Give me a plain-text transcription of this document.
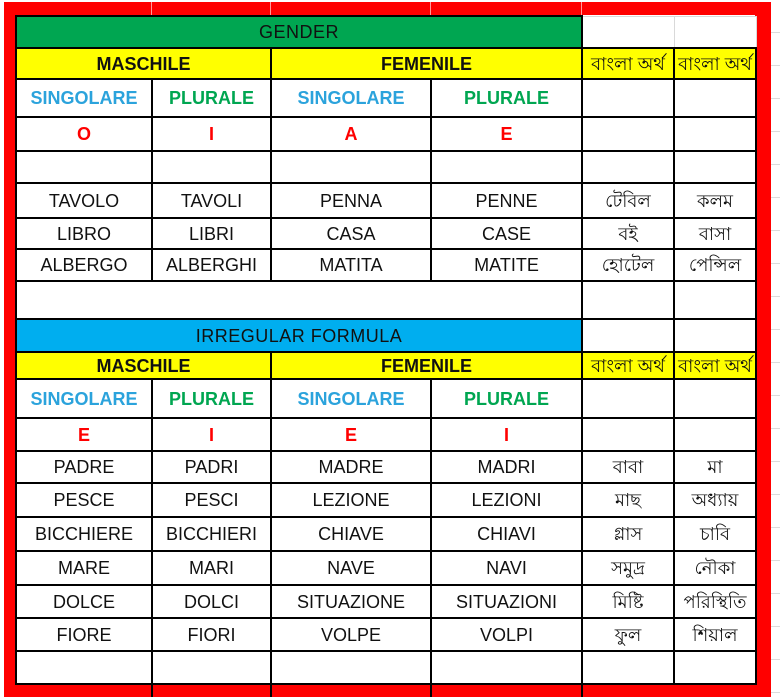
GENDER					
MASCHILE		FEMENILE		বাংলা অর্থ	বাংলা অর্থ
SINGOLARE	PLURALE	SINGOLARE	PLURALE		
O	I	A	E		

TAVOLO	TAVOLI	PENNA	PENNE	টেবিল	কলম
LIBRO	LIBRI	CASA	CASE	বই	বাসা
ALBERGO	ALBERGHI	MATITA	MATITE	হোটেল	পেন্সিল

IRREGULAR FORMULA					
MASCHILE		FEMENILE		বাংলা অর্থ	বাংলা অর্থ
SINGOLARE	PLURALE	SINGOLARE	PLURALE		
E	I	E	I		
PADRE	PADRI	MADRE	MADRI	বাবা	মা
PESCE	PESCI	LEZIONE	LEZIONI	মাছ	অধ্যায়
BICCHIERE	BICCHIERI	CHIAVE	CHIAVI	গ্লাস	চাবি
MARE	MARI	NAVE	NAVI	সমুদ্র	নৌকা
DOLCE	DOLCI	SITUAZIONE	SITUAZIONI	মিষ্টি	পরিস্থিতি
FIORE	FIORI	VOLPE	VOLPI	ফুল	শিয়াল
